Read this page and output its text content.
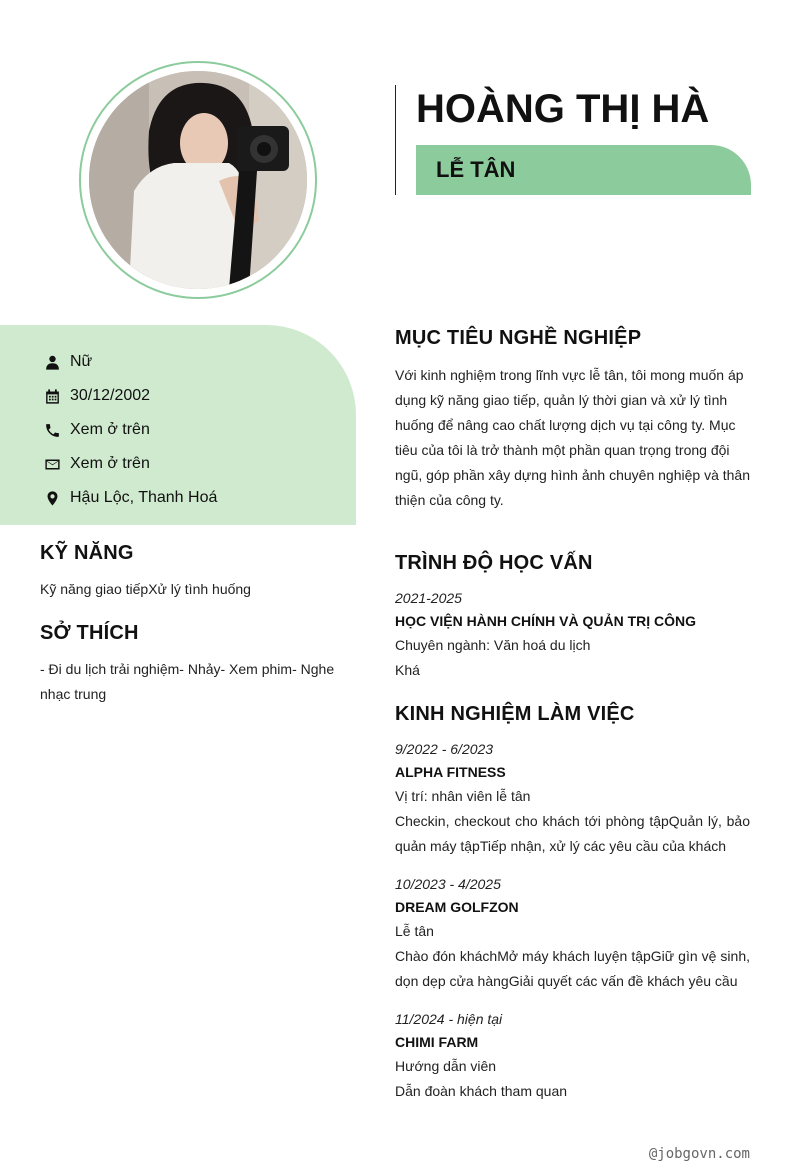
HOÀNG THỊ HÀ
LỄ TÂN
Nữ
30/12/2002
Xem ở trên
Xem ở trên
Hậu Lộc, Thanh Hoá
KỸ NĂNG
Kỹ năng giao tiếpXử lý tình huống
SỞ THÍCH
- Đi du lịch trải nghiệm- Nhảy- Xem phim- Nghe nhạc trung
MỤC TIÊU NGHỀ NGHIỆP
Với kinh nghiệm trong lĩnh vực lễ tân, tôi mong muốn áp dụng kỹ năng giao tiếp, quản lý thời gian và xử lý tình huống để nâng cao chất lượng dịch vụ tại công ty. Mục tiêu của tôi là trở thành một phần quan trọng trong đội ngũ, góp phần xây dựng hình ảnh chuyên nghiệp và thân thiện của công ty.
TRÌNH ĐỘ HỌC VẤN
2021-2025
HỌC VIỆN HÀNH CHÍNH VÀ QUẢN TRỊ CÔNG
Chuyên ngành: Văn hoá du lịch
Khá
KINH NGHIỆM LÀM VIỆC
9/2022 - 6/2023
ALPHA FITNESS
Vị trí: nhân viên lễ tân
Checkin, checkout cho khách tới phòng tậpQuản lý, bảo quản máy tậpTiếp nhận, xử lý các yêu cầu của khách
10/2023 - 4/2025
DREAM GOLFZON
Lễ tân
Chào đón kháchMở máy khách luyện tậpGiữ gìn vệ sinh, dọn dẹp cửa hàngGiải quyết các vấn đề khách yêu cầu
11/2024 - hiện tại
CHIMI FARM
Hướng dẫn viên
Dẫn đoàn khách tham quan
@jobgovn.com
